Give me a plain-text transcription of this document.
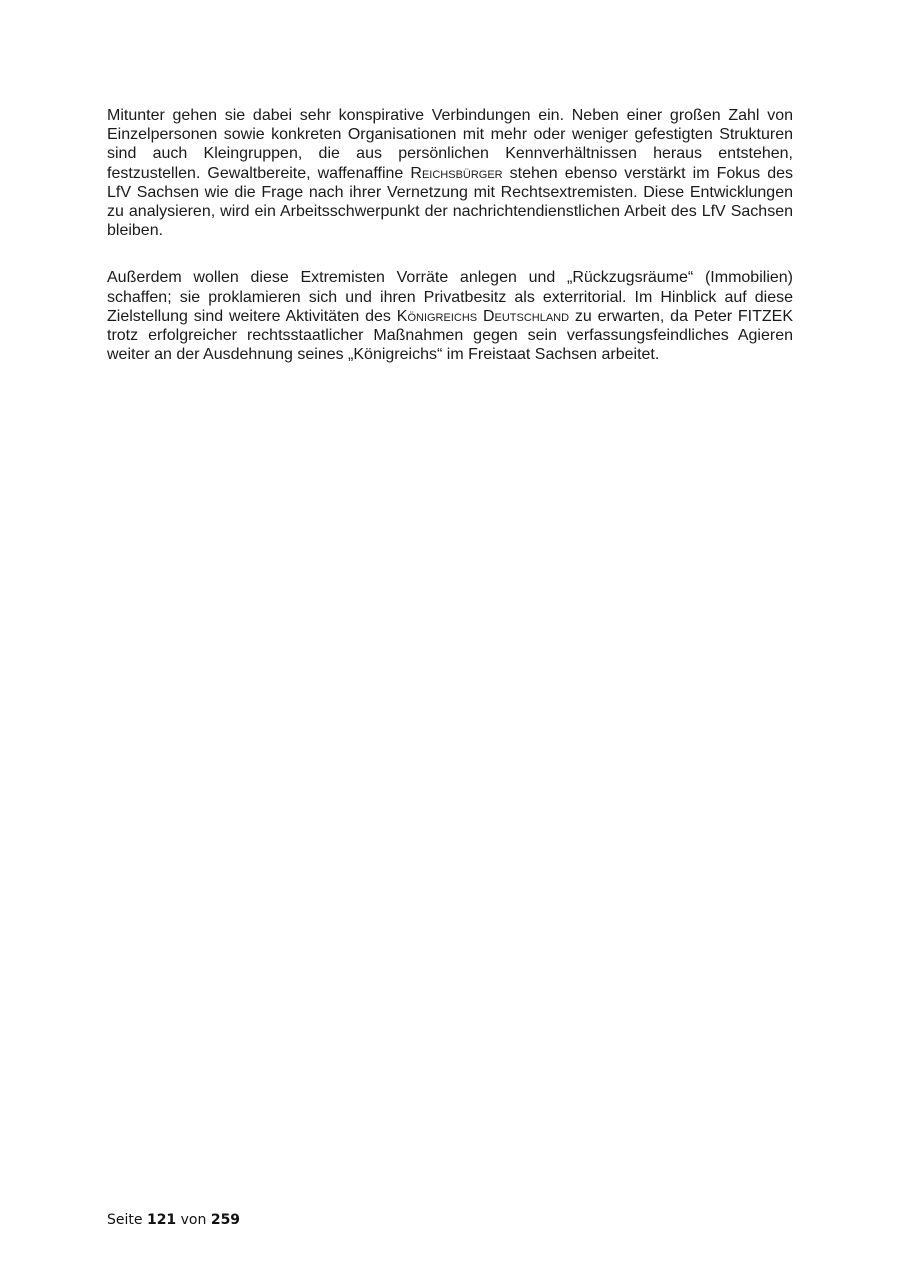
Mitunter gehen sie dabei sehr konspirative Verbindungen ein. Neben einer großen Zahl von Einzelpersonen sowie konkreten Organisationen mit mehr oder weniger gefestigten Strukturen sind auch Kleingruppen, die aus persönlichen Kennverhältnissen heraus entstehen, festzustellen. Gewaltbereite, waffenaffine Reichsbürger stehen ebenso verstärkt im Fokus des LfV Sachsen wie die Frage nach ihrer Vernetzung mit Rechtsextremisten. Diese Entwicklungen zu analysieren, wird ein Arbeitsschwerpunkt der nachrichtendienstlichen Arbeit des LfV Sachsen bleiben.

Außerdem wollen diese Extremisten Vorräte anlegen und „Rückzugsräume“ (Immobilien) schaffen; sie proklamieren sich und ihren Privatbesitz als exterritorial. Im Hinblick auf diese Zielstellung sind weitere Aktivitäten des Königreichs Deutschland zu erwarten, da Peter FITZEK trotz erfolgreicher rechtsstaatlicher Maßnahmen gegen sein verfassungsfeindliches Agieren weiter an der Ausdehnung seines „Königreichs“ im Freistaat Sachsen arbeitet.

Seite 121 von 259
